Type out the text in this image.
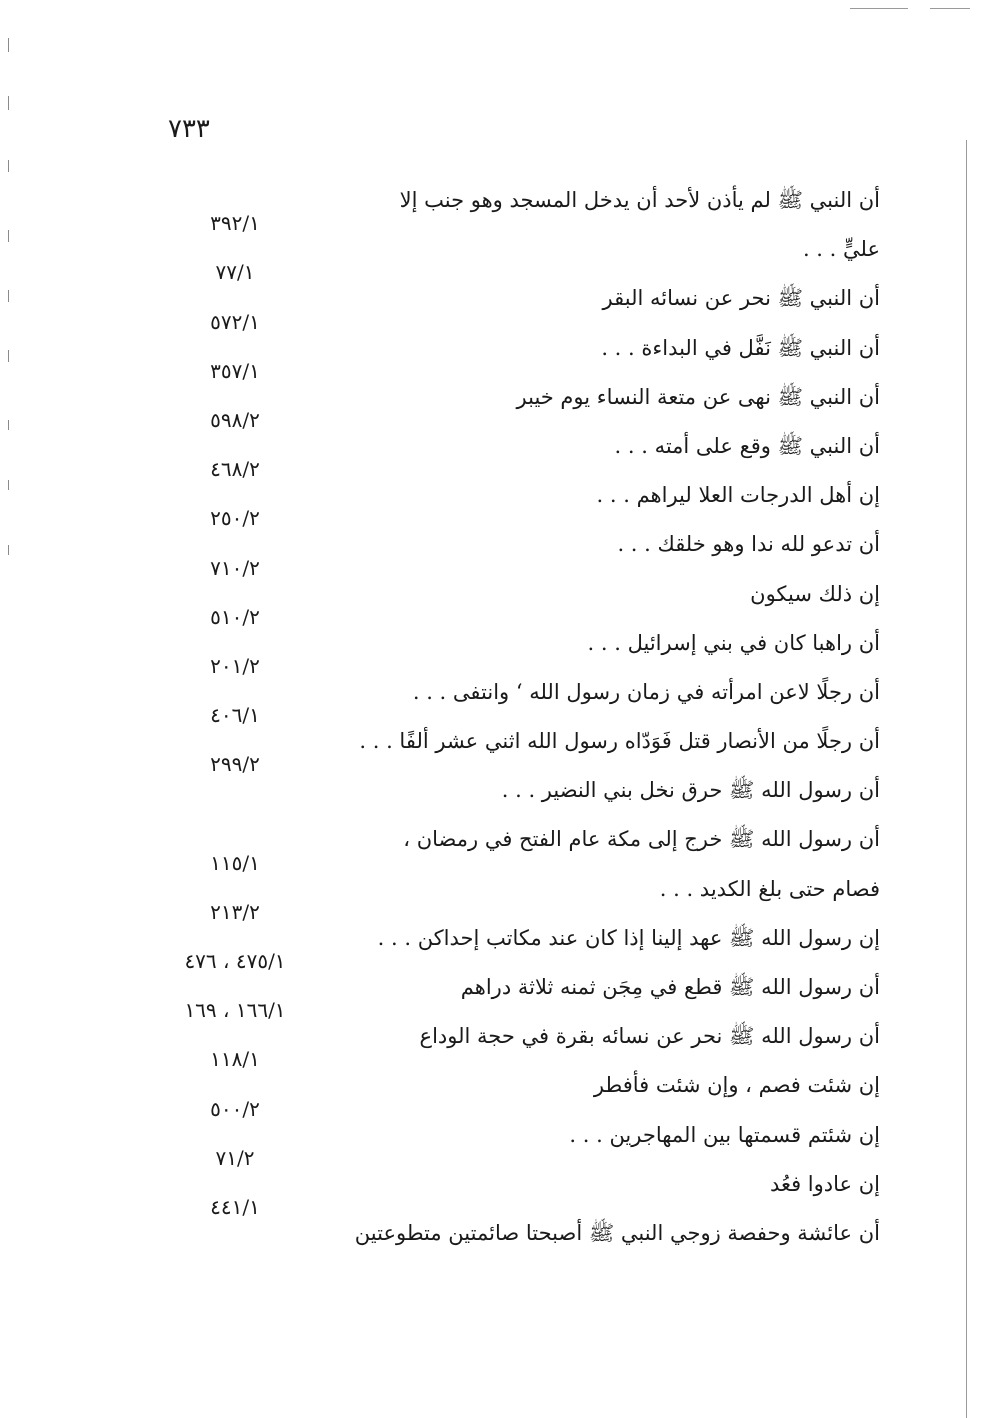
٧٣٣
أن النبي ﷺ لم يأذن لأحد أن يدخل المسجد وهو جنب إلا
عليٍّ . . .
٣٩٢/١
أن النبي ﷺ نحر عن نسائه البقر
٧٧/١
أن النبي ﷺ نَفَّل في البداءة . . .
٥٧٢/١
أن النبي ﷺ نهى عن متعة النساء يوم خيبر
٣٥٧/١
أن النبي ﷺ وقع على أمته . . .
٥٩٨/٢
إن أهل الدرجات العلا ليراهم . . .
٤٦٨/٢
أن تدعو لله ندا وهو خلقك . . .
٢٥٠/٢
إن ذلك سيكون
٧١٠/٢
أن راهبا كان في بني إسرائيل . . .
٥١٠/٢
أن رجلًا لاعن امرأته في زمان رسول الله ‘ وانتفى . . .
٢٠١/٢
أن رجلًا من الأنصار قتل فَوَدّاه رسول الله اثني عشر ألفًا . . .
٤٠٦/١
أن رسول الله ﷺ حرق نخل بني النضير . . .
٢٩٩/٢
أن رسول الله ﷺ خرج إلى مكة عام الفتح في رمضان ،
فصام حتى بلغ الكديد . . .
١١٥/١
إن رسول الله ﷺ عهد إلينا إذا كان عند مكاتب إحداكن . . .
٢١٣/٢
أن رسول الله ﷺ قطع في مِجَن ثمنه ثلاثة دراهم
٤٧٥/١ ، ٤٧٦
أن رسول الله ﷺ نحر عن نسائه بقرة في حجة الوداع
١٦٦/١ ، ١٦٩
إن شئت فصم ، وإن شئت فأفطر
١١٨/١
إن شئتم قسمتها بين المهاجرين . . .
٥٠٠/٢
إن عادوا فعُد
٧١/٢
أن عائشة وحفصة زوجي النبي ﷺ أصبحتا صائمتين متطوعتين
٤٤١/١
